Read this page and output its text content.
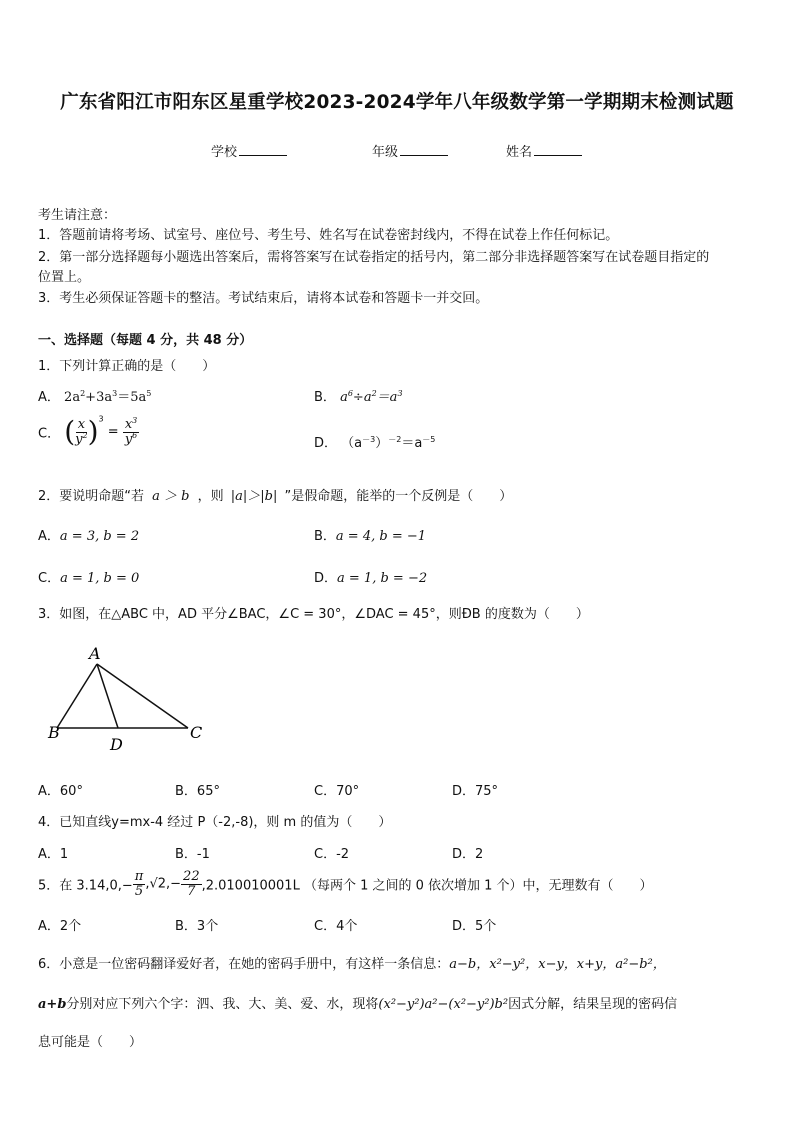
广东省阳江市阳东区星重学校2023-2024学年八年级数学第一学期期末检测试题
学校	年级	姓名
考生请注意：
1．答题前请将考场、试室号、座位号、考生号、姓名写在试卷密封线内，不得在试卷上作任何标记。
2．第一部分选择题每小题选出答案后，需将答案写在试卷指定的括号内，第二部分非选择题答案写在试卷题目指定的
位置上。
3．考生必须保证答题卡的整洁。考试结束后，请将本试卷和答题卡一并交回。
一、选择题（每题 4 分，共 48 分）
1．下列计算正确的是（　　）
A． $2a^2+3a^3=5a^5$	B． $a^6\div a^2=a^3$
C． ( $\frac{x}{y^2} )^3 = \frac{x^3}{y^6}$	D． $(a^{-3})^{-2}=a^{-5}$
2．要说明命题“若 a ＞ b ，则 |a|＞|b| ”是假命题，能举的一个反例是（　　）
A．a = 3, b = 2	B．a = 4, b = −1
C．a = 1, b = 0	D．a = 1, b = −2
3．如图，在△ABC 中，AD 平分∠BAC，∠C = 30°，∠DAC = 45°，则ÐB 的度数为（　　）
A
B	C
D
A．60°	B．65°	C．70°	D．75°
4．已知直线y=mx-4 经过 P（-2,-8)，则 m 的值为（　　）
A．1	B．-1	C．-2	D．2
5．在 $3.14,0,- \frac{\pi}{5} ,√2,- \frac{22}{7} ,2.010010001L$ （每两个 1 之间的 0 依次增加 1 个）中，无理数有（　　）
A．2个	B．3个	C．4个	D．5个
6．小意是一位密码翻译爱好者，在她的密码手册中，有这样一条信息：a−b，x²−y²，x−y，x+y，a²−b²，
a+b分别对应下列六个字：泗、我、大、美、爱、水，现将(x²−y²)a²−(x²−y²)b²因式分解，结果呈现的密码信
息可能是（　　）
